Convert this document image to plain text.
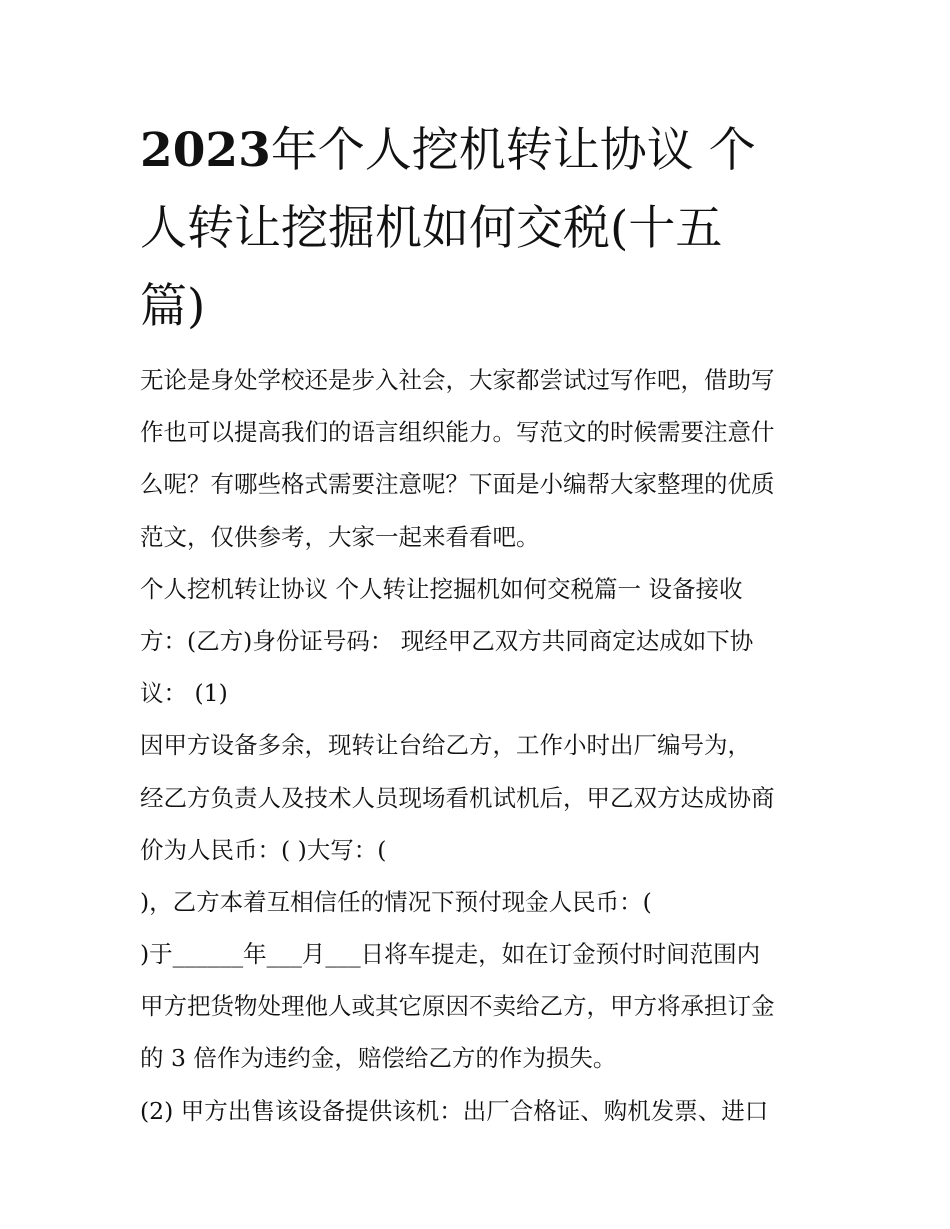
2023年个人挖机转让协议 个
人转让挖掘机如何交税(十五
篇)
无论是身处学校还是步入社会，大家都尝试过写作吧，借助写
作也可以提高我们的语言组织能力。写范文的时候需要注意什
么呢？有哪些格式需要注意呢？下面是小编帮大家整理的优质
范文，仅供参考，大家一起来看看吧。
个人挖机转让协议 个人转让挖掘机如何交税篇一 设备接收
方：(乙方)身份证号码： 现经甲乙双方共同商定达成如下协
议： (1)
因甲方设备多余，现转让台给乙方，工作小时出厂编号为，
经乙方负责人及技术人员现场看机试机后，甲乙双方达成协商
价为人民币：( )大写：(
)，乙方本着互相信任的情况下预付现金人民币：(
)于______年___月___日将车提走，如在订金预付时间范围内
甲方把货物处理他人或其它原因不卖给乙方，甲方将承担订金
的 3 倍作为违约金，赔偿给乙方的作为损失。
(2) 甲方出售该设备提供该机：出厂合格证、购机发票、进口
